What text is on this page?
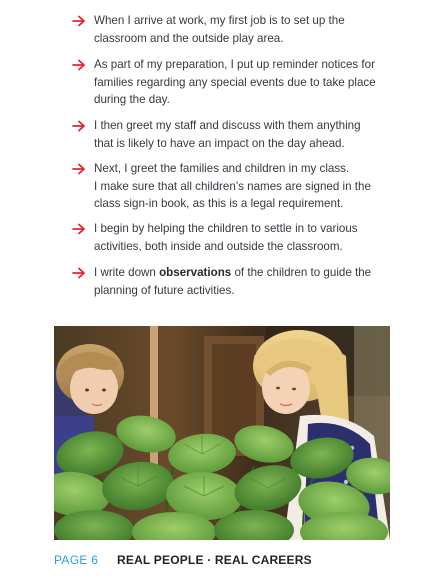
When I arrive at work, my first job is to set up the
classroom and the outside play area.
As part of my preparation, I put up reminder notices for
families regarding any special events due to take place
during the day.
I then greet my staff and discuss with them anything
that is likely to have an impact on the day ahead.
Next, I greet the families and children in my class.
I make sure that all children’s names are signed in the
class sign-in book, as this is a legal requirement.
I begin by helping the children to settle in to various
activities, both inside and outside the classroom.
I write down observations of the children to guide the
planning of future activities.
PAGE 6 REAL PEOPLE · REAL CAREERS
